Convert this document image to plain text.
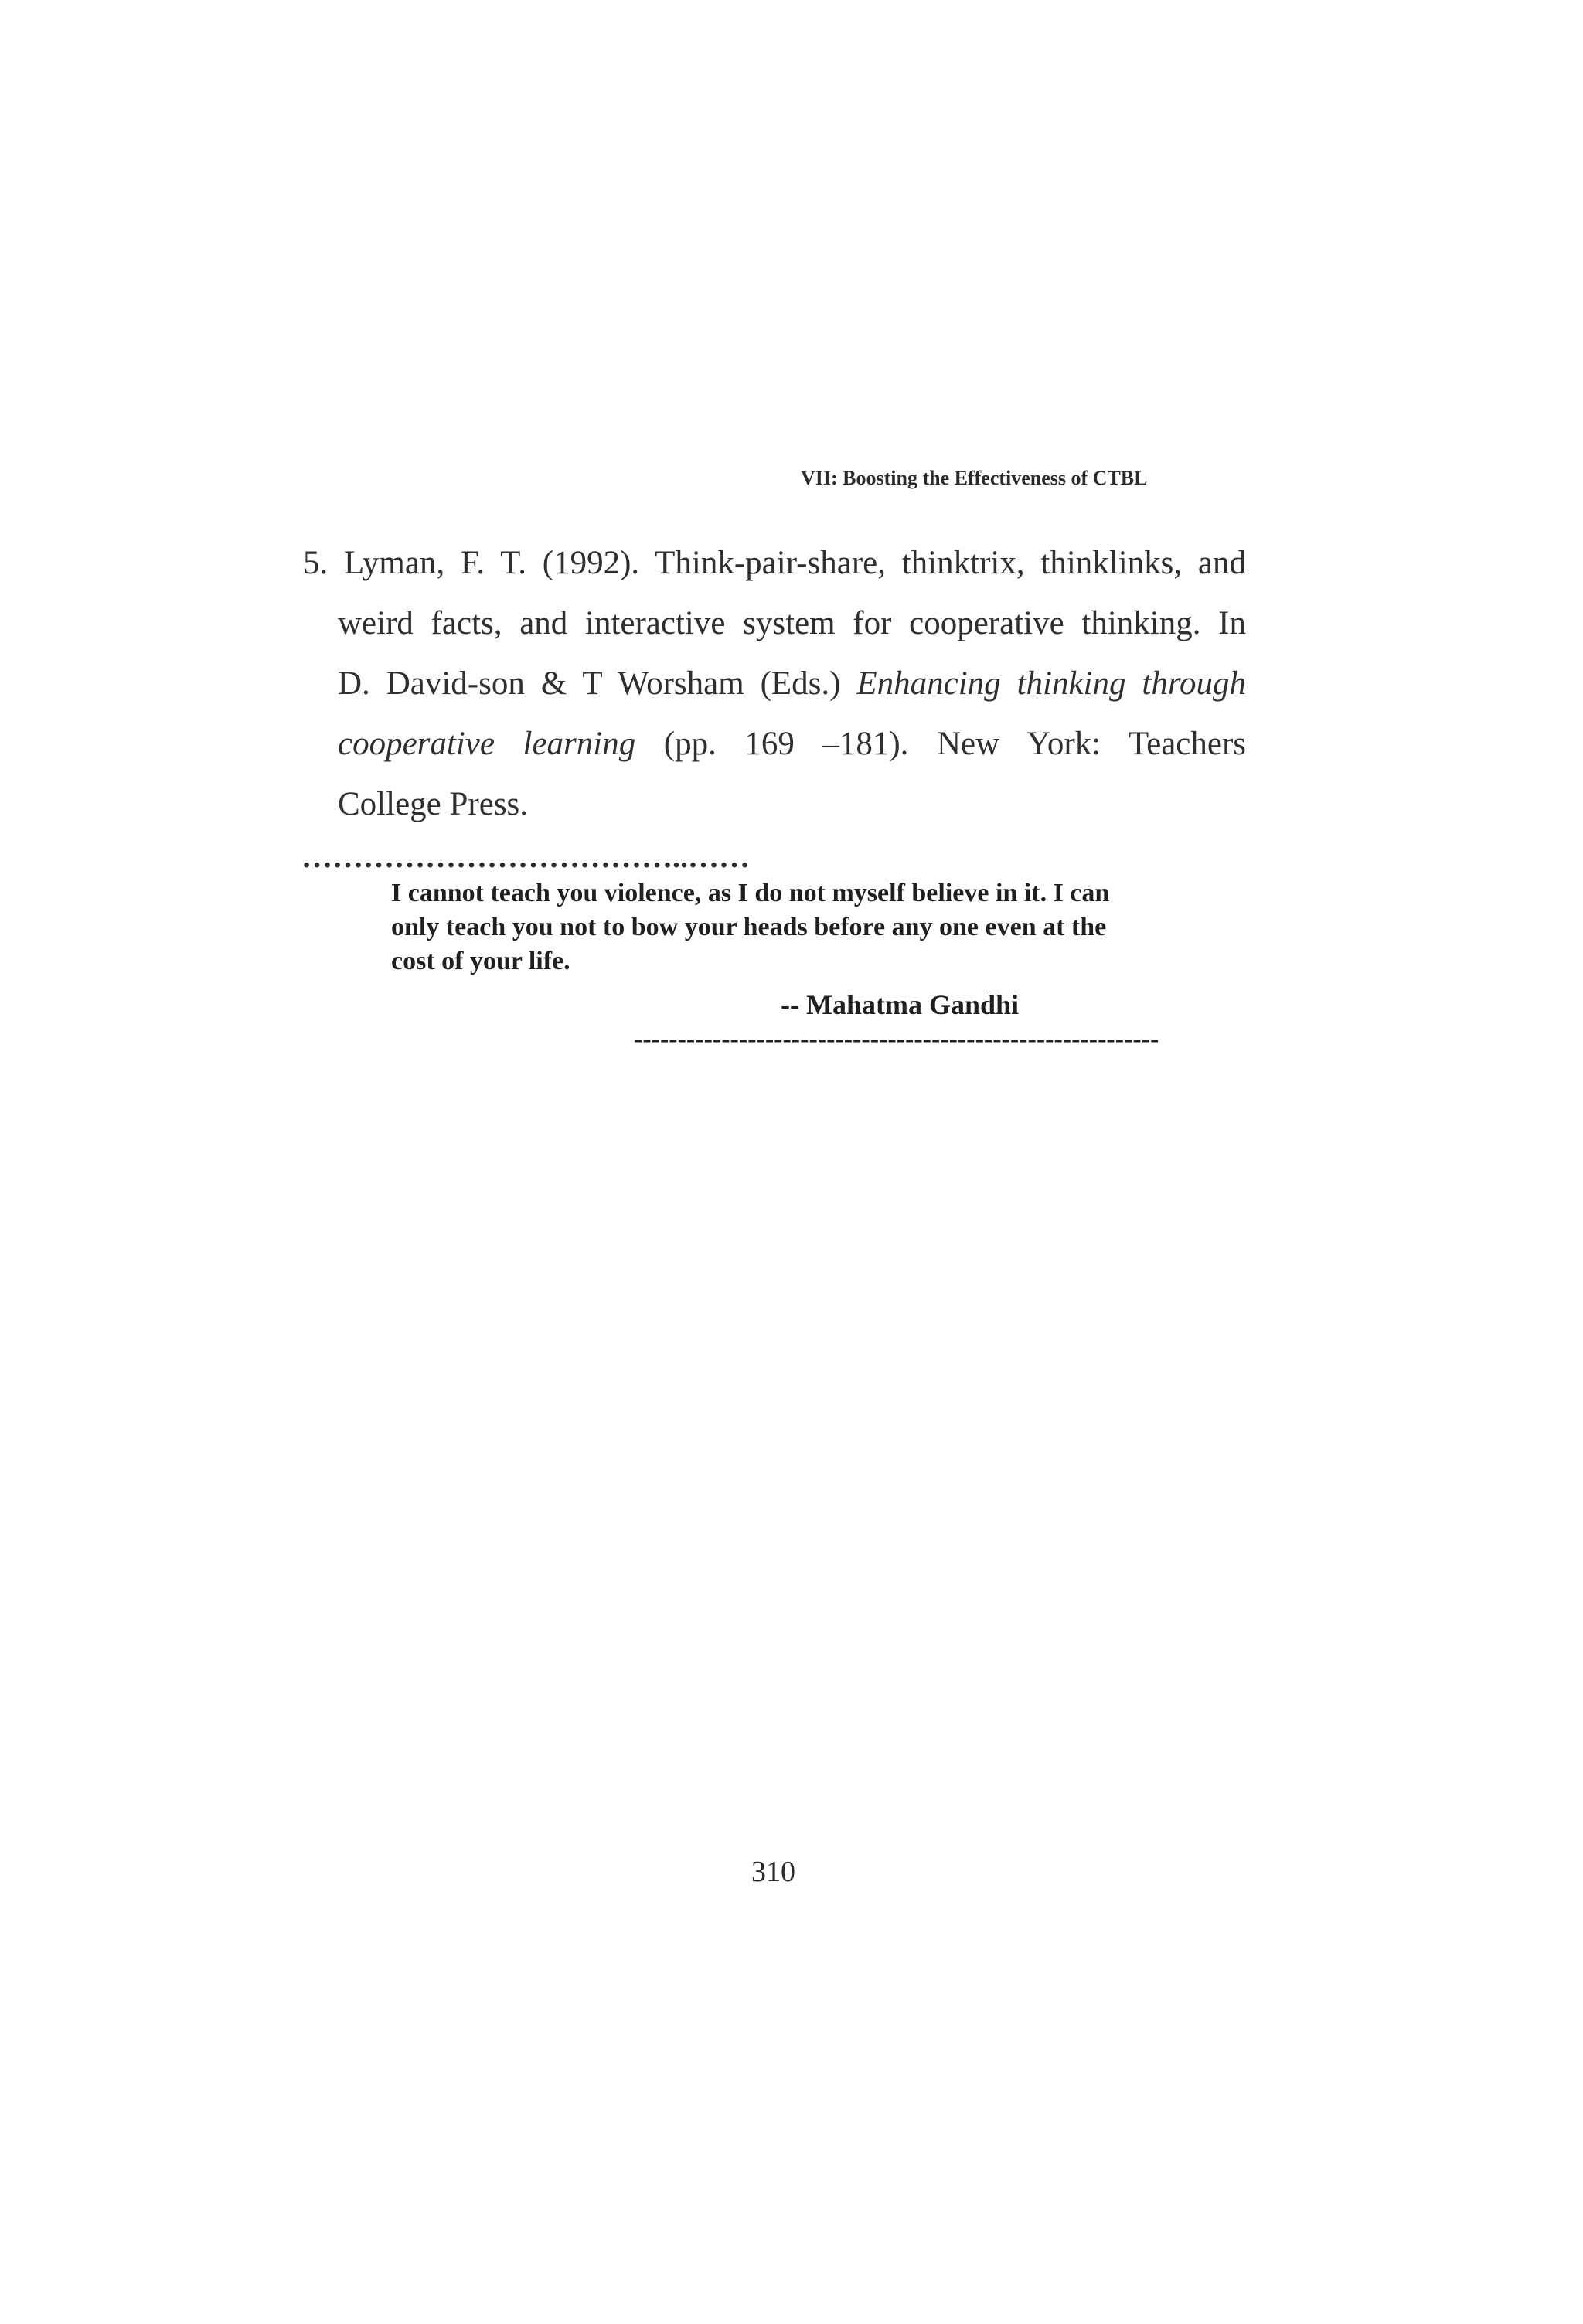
VII: Boosting the Effectiveness of CTBL
5. Lyman, F. T. (1992). Think-pair-share, thinktrix, thinklinks, and
weird facts, and interactive system for cooperative thinking. In
D. David-son & T Worsham (Eds.) Enhancing thinking through
cooperative learning (pp. 169 –181). New York: Teachers
College Press.
………………………………..……
I cannot teach you violence, as I do not myself believe in it. I can
only teach you not to bow your heads before any one even at the
cost of your life.
-- Mahatma Gandhi
------------------------------------------------------------
310
